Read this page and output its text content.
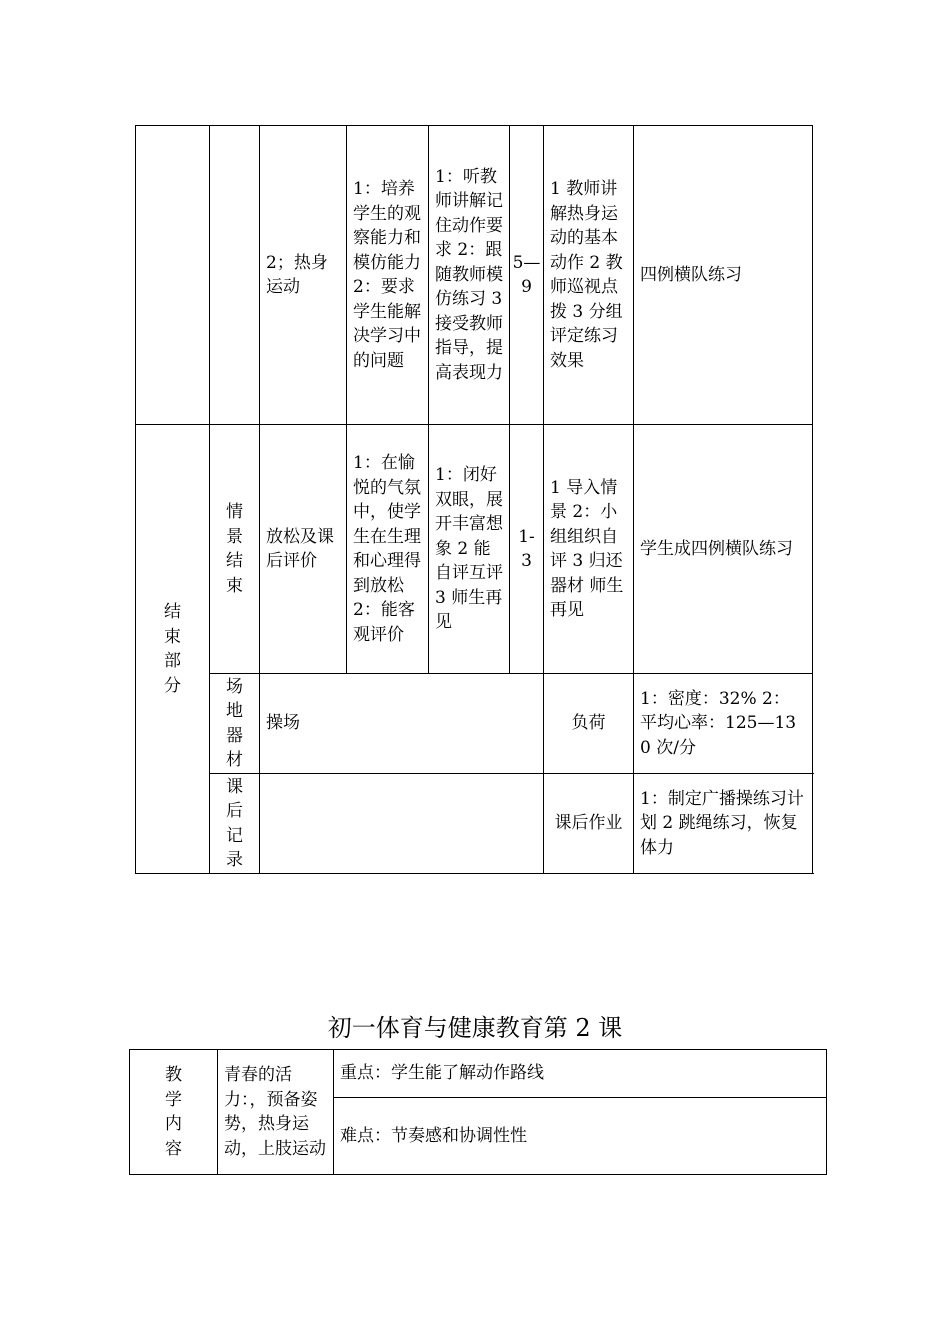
		2；热身运动	1：培养学生的观察能力和模仿能力 2：要求学生能解决学习中的问题	1：听教师讲解记住动作要求 2：跟随教师模仿练习 3 接受教师指导，提高表现力	5—9	1 教师讲解热身运动的基本动作 2 教师巡视点拨 3 分组评定练习效果	四例横队练习
结束部分	情景结束	放松及课后评价	1：在愉悦的气氛中，使学生在生理和心理得到放松 2：能客观评价	1：闭好双眼，展开丰富想象 2 能自评互评 3 师生再见	1-3	1 导入情景 2：小组组织自评 3 归还器材 师生再见	学生成四例横队练习
	场地器材	操场				负荷	1：密度：32% 2：平均心率：125—130 次/分
	课后记录					课后作业	1：制定广播操练习计划 2 跳绳练习，恢复体力
初一体育与健康教育第 2 课
教学内容	青春的活力：，预备姿势，热身运动，上肢运动	重点：学生能了解动作路线
难点：节奏感和协调性性
